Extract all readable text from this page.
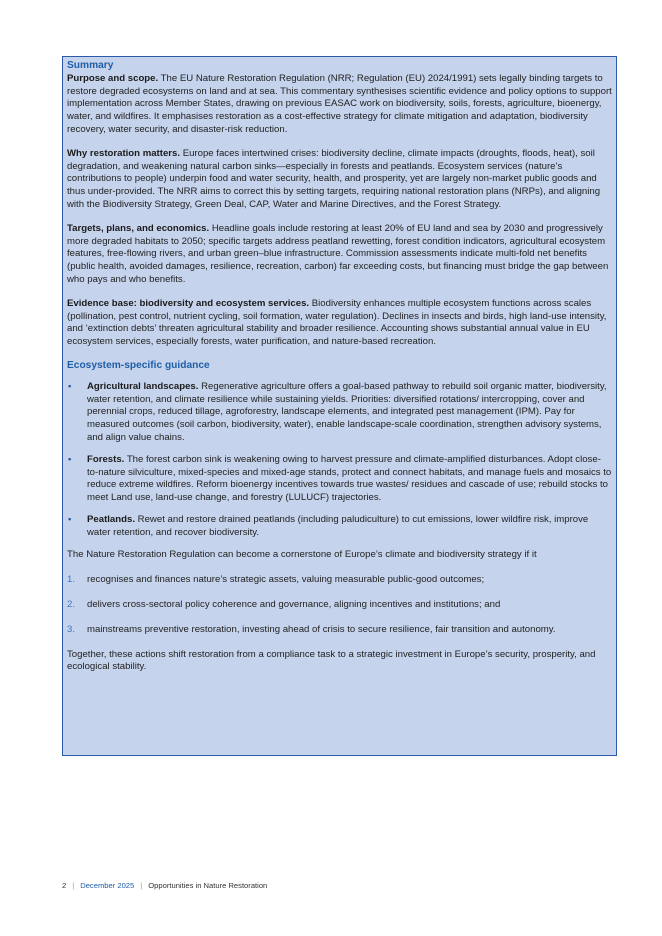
Summary

Purpose and scope. The EU Nature Restoration Regulation (NRR; Regulation (EU) 2024/1991) sets legally binding targets to restore degraded ecosystems on land and at sea. This commentary synthesises scientific evidence and policy options to support implementation across Member States, drawing on previous EASAC work on biodiversity, soils, forests, agriculture, bioenergy, water, and wildfires. It emphasises restoration as a cost-effective strategy for climate mitigation and adaptation, biodiversity recovery, water security, and disaster-risk reduction.

Why restoration matters. Europe faces intertwined crises: biodiversity decline, climate impacts (droughts, floods, heat), soil degradation, and weakening natural carbon sinks—especially in forests and peatlands. Ecosystem services (nature’s contributions to people) underpin food and water security, health, and prosperity, yet are largely non-market public goods and thus under-provided. The NRR aims to correct this by setting targets, requiring national restoration plans (NRPs), and aligning with the Biodiversity Strategy, Green Deal, CAP, Water and Marine Directives, and the Forest Strategy.

Targets, plans, and economics. Headline goals include restoring at least 20% of EU land and sea by 2030 and progressively more degraded habitats to 2050; specific targets address peatland rewetting, forest condition indicators, agricultural ecosystem features, free-flowing rivers, and urban green–blue infrastructure. Commission assessments indicate multi-fold net benefits (public health, avoided damages, resilience, recreation, carbon) far exceeding costs, but financing must bridge the gap between who pays and who benefits.

Evidence base: biodiversity and ecosystem services. Biodiversity enhances multiple ecosystem functions across scales (pollination, pest control, nutrient cycling, soil formation, water regulation). Declines in insects and birds, high land-use intensity, and ‘extinction debts’ threaten agricultural stability and broader resilience. Accounting shows substantial annual value in EU ecosystem services, especially forests, water purification, and nature-based recreation.

Ecosystem-specific guidance

• Agricultural landscapes. Regenerative agriculture offers a goal-based pathway to rebuild soil organic matter, biodiversity, water retention, and climate resilience while sustaining yields. Priorities: diversified rotations/ intercropping, cover and perennial crops, reduced tillage, agroforestry, landscape elements, and integrated pest management (IPM). Pay for measured outcomes (soil carbon, biodiversity, water), enable landscape-scale coordination, strengthen advisory systems, and align value chains.
• Forests. The forest carbon sink is weakening owing to harvest pressure and climate-amplified disturbances. Adopt close-to-nature silviculture, mixed-species and mixed-age stands, protect and connect habitats, and manage fuels and mosaics to reduce extreme wildfires. Reform bioenergy incentives towards true wastes/ residues and cascade of use; rebuild stocks to meet Land use, land-use change, and forestry (LULUCF) trajectories.
• Peatlands. Rewet and restore drained peatlands (including paludiculture) to cut emissions, lower wildfire risk, improve water retention, and recover biodiversity.

The Nature Restoration Regulation can become a cornerstone of Europe’s climate and biodiversity strategy if it

1. recognises and finances nature’s strategic assets, valuing measurable public-good outcomes;
2. delivers cross-sectoral policy coherence and governance, aligning incentives and institutions; and
3. mainstreams preventive restoration, investing ahead of crisis to secure resilience, fair transition and autonomy.

Together, these actions shift restoration from a compliance task to a strategic investment in Europe’s security, prosperity, and ecological stability.

2 | December 2025 | Opportunities in Nature Restoration
